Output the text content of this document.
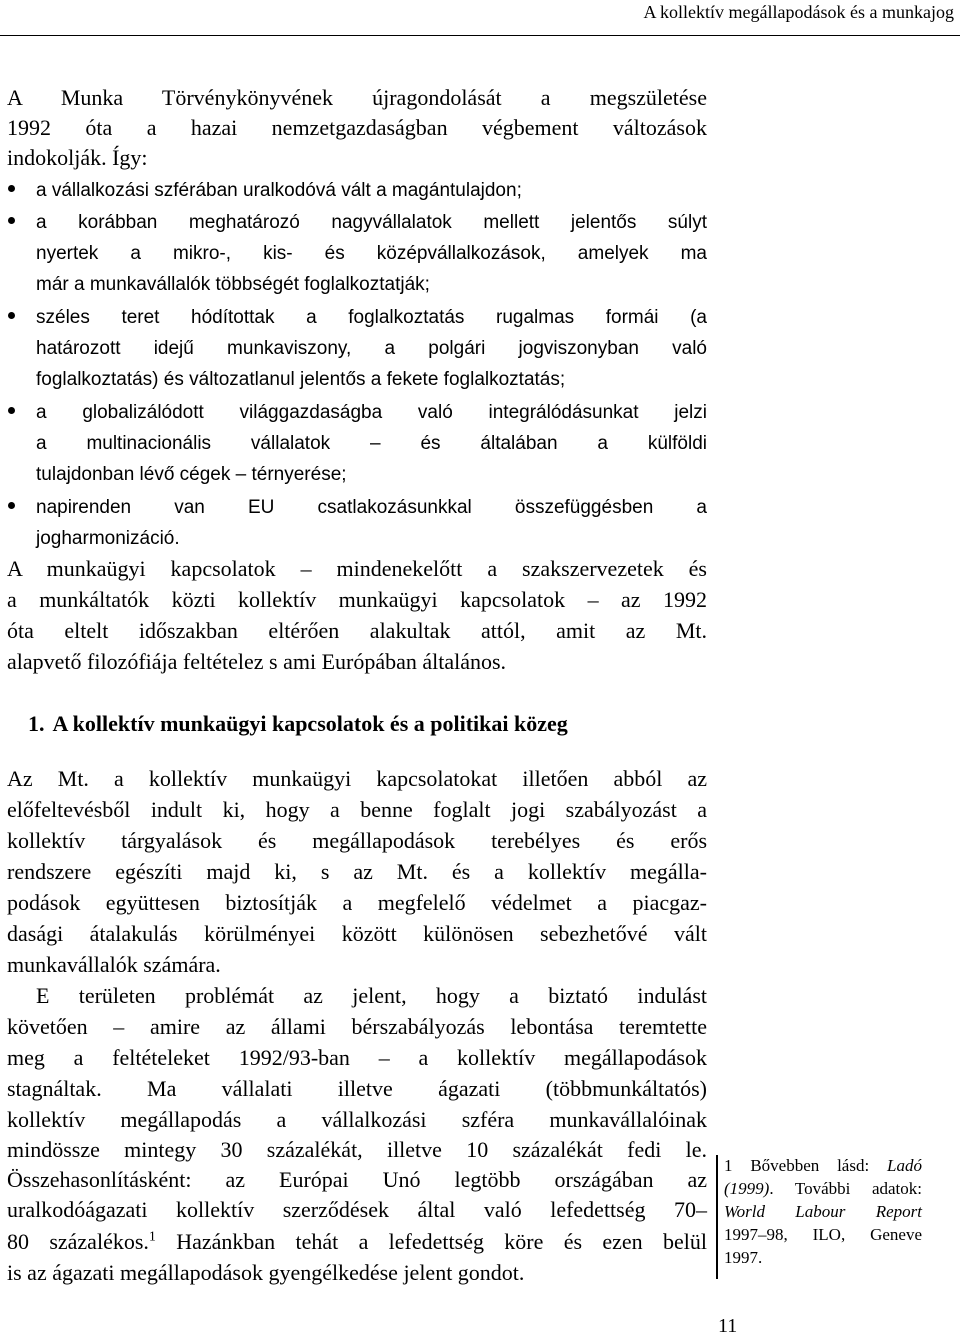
A kollektív megállapodások és a munkajog

A Munka Törvénykönyvének újragondolását a megszületése

1992 óta a hazai nemzetgazdaságban végbement változások

indokolják. Így:

a vállalkozási szférában uralkodóvá vált a magántulajdon;

a korábban meghatározó nagyvállalatok mellett jelentős súlyt

nyertek a mikro-, kis- és középvállalkozások, amelyek ma

már a munkavállalók többségét foglalkoztatják;

széles teret hódítottak a foglalkoztatás rugalmas formái (a

határozott idejű munkaviszony, a polgári jogviszonyban való

foglalkoztatás) és változatlanul jelentős a fekete foglalkoztatás;

a globalizálódott világgazdaságba való integrálódásunkat jelzi

a multinacionális vállalatok – és általában a külföldi

tulajdonban lévő cégek – térnyerése;

napirenden van EU csatlakozásunkkal összefüggésben a

jogharmonizáció.

A munkaügyi kapcsolatok – mindenekelőtt a szakszervezetek és

a munkáltatók közti kollektív munkaügyi kapcsolatok – az 1992

óta eltelt időszakban eltérően alakultak attól, amit az Mt.

alapvető filozófiája feltételez s ami Európában általános.

1. A kollektív munkaügyi kapcsolatok és a politikai közeg

Az Mt. a kollektív munkaügyi kapcsolatokat illetően abból az

előfeltevésből indult ki, hogy a benne foglalt jogi szabályozást a

kollektív tárgyalások és megállapodások terebélyes és erős

rendszere egészíti majd ki, s az Mt. és a kollektív megálla-

podások együttesen biztosítják a megfelelő védelmet a piacgaz-

dasági átalakulás körülményei között különösen sebezhetővé vált

munkavállalók számára.

E területen problémát az jelent, hogy a biztató indulást

követően – amire az állami bérszabályozás lebontása teremtette

meg a feltételeket 1992/93-ban – a kollektív megállapodások

stagnáltak. Ma vállalati illetve ágazati (többmunkáltatós)

kollektív megállapodás a vállalkozási szféra munkavállalóinak

mindössze mintegy 30 százalékát, illetve 10 százalékát fedi le.

Összehasonlításként: az Európai Unó legtöbb országában az

uralkodóágazati kollektív szerződések által való lefedettség 70–

80 százalékos.$^1$ Hazánkban tehát a lefedettség köre és ezen belül

is az ágazati megállapodások gyengélkedése jelent gondot.

1 Bővebben lásd: Ladó

(1999). További adatok:

World Labour Report

1997–98, ILO, Geneve

1997.

11
